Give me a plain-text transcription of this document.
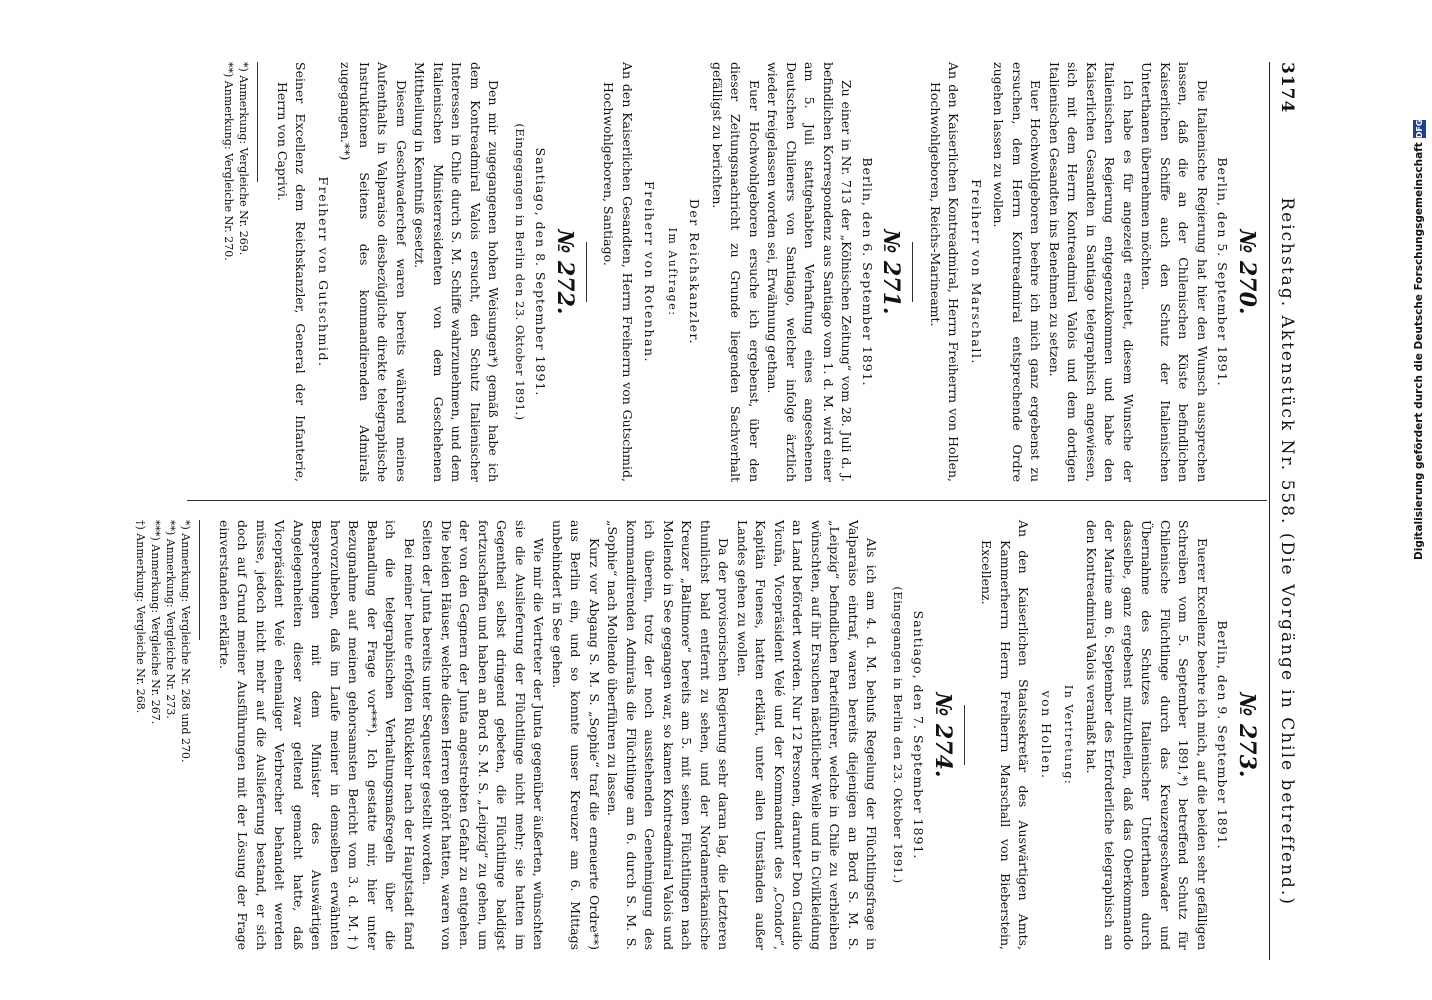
3174
Reichstag. Aktenstück Nr. 558. (Die Vorgänge in Chile betreffend.)
№ 270.
Berlin, den 5. September 1891.

Die Italienische Regierung hat hier den Wunsch aussprechen lassen, daß die an der Chilenischen Küste befindlichen Kaiserlichen Schiffe auch den Schutz der Italienischen Unterthanen übernehmen möchten.

Ich habe es für angezeigt erachtet, diesem Wunsche der Italienischen Regierung entgegenzukommen und habe den Kaiserlichen Gesandten in Santiago telegraphisch angewiesen, sich mit dem Herrn Kontreadmiral Valois und dem dortigen Italienischen Gesandten ins Benehmen zu setzen.

Euer Hochwohlgeboren beehre ich mich ganz ergebenst zu ersuchen, dem Herrn Kontreadmiral entsprechende Ordre zugehen lassen zu wollen.

Freiherr von Marschall.
An den Kaiserlichen Kontreadmiral, Herrn Freiherrn von Hollen, Hochwohlgeboren, Reichs-Marineamt.
№ 271.
Berlin, den 6. September 1891.

Zu einer in Nr. 713 der „Kölnischen Zeitung“ vom 28. Juli d. J. befindlichen Korrespondenz aus Santiago vom 1. d. M. wird einer am 5. Juli stattgehabten Verhaftung eines angesehenen Deutschen Chileners von Santiago, welcher infolge ärztlich wieder freigelassen worden sei, Erwähnung gethan.

Euer Hochwohlgeboren ersuche ich ergebenst, über den dieser Zeitungsnachricht zu Grunde liegenden Sachverhalt gefälligst zu berichten.

Der Reichskanzler.
Im Auftrage:
Freiherr von Rotenhan.
An den Kaiserlichen Gesandten, Herrn Freiherrn von Gutschmid, Hochwohlgeboren, Santiago.
№ 272.
Santiago, den 8. September 1891.
(Eingegangen in Berlin den 23. Oktober 1891.)

Den mir zugegangenen hohen Weisungen*) gemäß habe ich dem Kontreadmiral Valois ersucht, den Schutz Italienischer Interessen in Chile durch S. M. Schiffe wahrzunehmen, und dem Italienischen Ministerresidenten von dem Geschehenen Mittheilung in Kenntniß gesetzt.

Diesem Geschwaderchef waren bereits während meines Aufenthalts in Valparaiso diesbezügliche direkte telegraphische Instruktionen Seitens des kommandirenden Admirals zugegangen.**)

Freiherr von Gutschmid.
Seiner Excellenz dem Reichskanzler, General der Infanterie, Herrn von Caprivi.
*) Anmerkung: Vergleiche Nr. 269.
**) Anmerkung: Vergleiche Nr. 270.
№ 273.
Berlin, den 9. September 1891.

Euerer Excellenz beehre ich mich, auf die beiden sehr gefälligen Schreiben vom 5. September 1891,*) betreffend Schutz für Chilenische Flüchtlinge durch das Kreuzergeschwader und Übernahme des Schutzes Italienischer Unterthanen durch dasselbe, ganz ergebenst mitzutheilen, daß das Oberkommando der Marine am 6. September des Erforderliche telegraphisch an den Kontreadmiral Valois veranlaßt hat.

In Vertretung:
von Hollen.
An den Kaiserlichen Staatssekretär des Auswärtigen Amts, Kammerherrn Herrn Freiherrn Marschall von Bieberstein, Excellenz.
№ 274.
Santiago, den 7. September 1891.
(Eingegangen in Berlin den 23. Oktober 1891.)

Als ich am 4. d. M. behufs Regelung der Flüchtlingsfrage in Valparaiso eintraf, waren bereits diejenigen an Bord S. M. S. „Leipzig“ befindlichen Parteiführer, welche in Chile zu verbleiben wünschten, auf ihr Ersuchen nächtlicher Weile und in Civilkleidung an Land befördert worden. Nur 12 Personen, darunter Don Claudio Vicuña, Vicepräsident Velé und der Kommandant des „Condor“, Kapitän Fuenes, hatten erklärt, unter allen Umständen außer Landes gehen zu wollen.

Da der provisorischen Regierung sehr daran lag, die Letzteren thunlichst bald entfernt zu sehen, und der Nordamerikanische Kreuzer „Baltimore“ bereits am 5. mit seinen Flüchtlingen nach Mollendo in See gegangen war, so kamen Kontreadmiral Valois und ich überein, trotz der noch ausstehenden Genehmigung des kommandirenden Admirals die Flüchtlinge am 6. durch S. M. S. „Sophie“ nach Mollendo überführen zu lassen.

Kurz vor Abgang S. M. S. „Sophie“ traf die erneuerte Ordre**) aus Berlin ein, und so konnte unser Kreuzer am 6. Mittags unbehindert in See gehen.

Wie mir die Vertreter der Junta gegenüber äußerten, wünschten sie die Auslieferung der Flüchtlinge nicht mehr; sie hatten im Gegentheil selbst dringend gebeten, die Flüchtlinge baldigst fortzuschaffen und haben an Bord S. M. S. „Leipzig“ zu gehen, um der von den Gegnern der Junta angestrebten Gefahr zu entgehen. Die beiden Häuser, welche diesen Herren gehört hatten, waren von Seiten der Junta bereits unter Sequester gestellt worden.

Bei meiner heute erfolgten Rückkehr nach der Hauptstadt fand ich die telegraphischen Verhaltungsmaßregeln über die Behandlung der Frage vor***). Ich gestatte mir, hier unter Bezugnahme auf meinen gehorsamsten Bericht vom 3. d. M.†) hervorzuheben, daß im Laufe meiner in demselben erwähnten Besprechungen mit dem Minister des Auswärtigen Angelegenheiten dieser zwar geltend gemacht hatte, daß Vicepräsident Velé ehemaliger Verbrecher behandelt werden müsse, jedoch nicht mehr auf die Auslieferung bestand, er sich doch auf Grund meiner Ausführungen mit der Lösung der Frage einverstanden erklärte.

*) Anmerkung: Vergleiche Nr. 268 und 270.
**) Anmerkung: Vergleiche Nr. 273.
***) Anmerkung: Vergleiche Nr. 267.
†) Anmerkung: Vergleiche Nr. 268.
Digitalisierung gefördert durch die Deutsche Forschungsgemeinschaft
DFG
